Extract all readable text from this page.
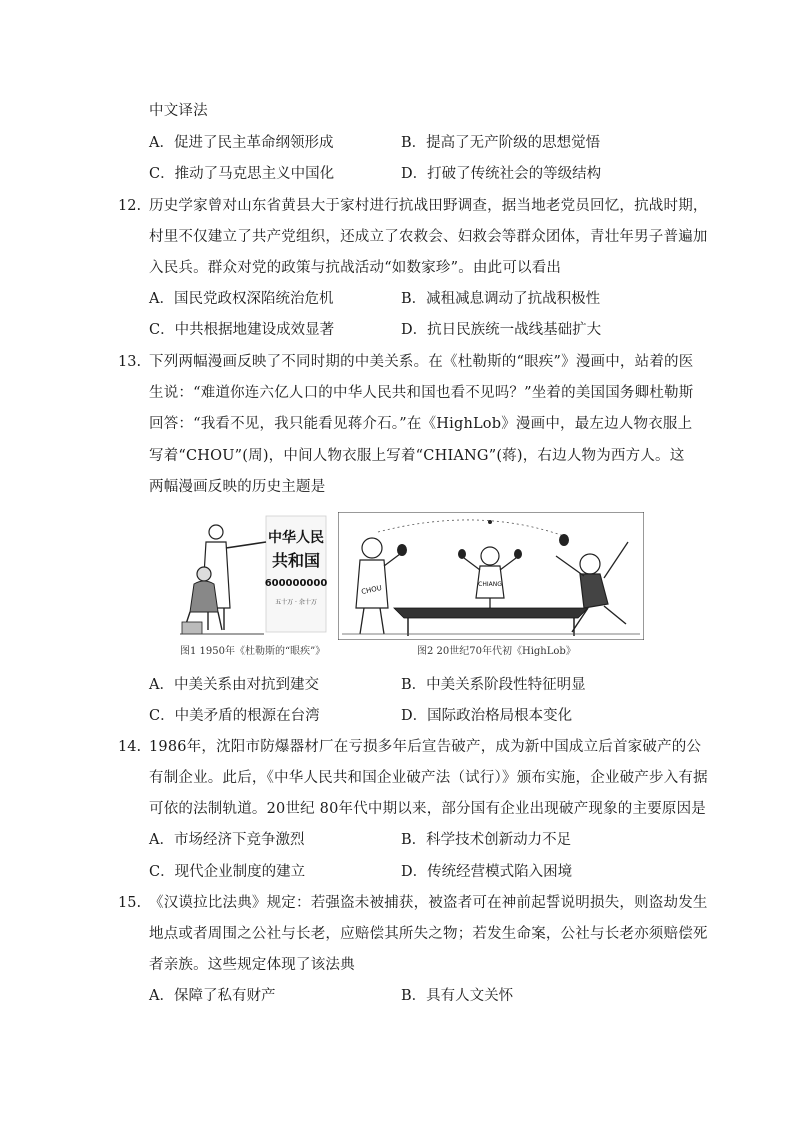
中文译法
A．促进了民主革命纲领形成	B．提高了无产阶级的思想觉悟
C．推动了马克思主义中国化	D．打破了传统社会的等级结构
12. 历史学家曾对山东省黄县大于家村进行抗战田野调查，据当地老党员回忆，抗战时期，
村里不仅建立了共产党组织，还成立了农救会、妇救会等群众团体，青壮年男子普遍加
入民兵。群众对党的政策与抗战活动“如数家珍”。由此可以看出
A．国民党政权深陷统治危机	B．减租减息调动了抗战积极性
C．中共根据地建设成效显著	D．抗日民族统一战线基础扩大
13. 下列两幅漫画反映了不同时期的中美关系。在《杜勒斯的“眼疾”》漫画中，站着的医
生说：“难道你连六亿人口的中华人民共和国也看不见吗？”坐着的美国国务卿杜勒斯
回答：“我看不见，我只能看见蒋介石。”在《HighLob》漫画中，最左边人物衣服上
写着“CHOU”(周)，中间人物衣服上写着“CHIANG”(蒋)，右边人物为西方人。这
两幅漫画反映的历史主题是
中华人民
共和国
600000000
五十万 · 余十万
CHOU	CHIANG
图1 1950年《杜勒斯的“眼疾”》	图2 20世纪70年代初《HighLob》
A．中美关系由对抗到建交	B．中美关系阶段性特征明显
C．中美矛盾的根源在台湾	D．国际政治格局根本变化
14. 1986年，沈阳市防爆器材厂在亏损多年后宣告破产，成为新中国成立后首家破产的公
有制企业。此后，《中华人民共和国企业破产法（试行）》颁布实施，企业破产步入有据
可依的法制轨道。20世纪 80年代中期以来，部分国有企业出现破产现象的主要原因是
A．市场经济下竞争激烈	B．科学技术创新动力不足
C．现代企业制度的建立	D．传统经营模式陷入困境
15. 《汉谟拉比法典》规定：若强盗未被捕获，被盗者可在神前起誓说明损失，则盗劫发生
地点或者周围之公社与长老，应赔偿其所失之物；若发生命案，公社与长老亦须赔偿死
者亲族。这些规定体现了该法典
A．保障了私有财产	B．具有人文关怀
